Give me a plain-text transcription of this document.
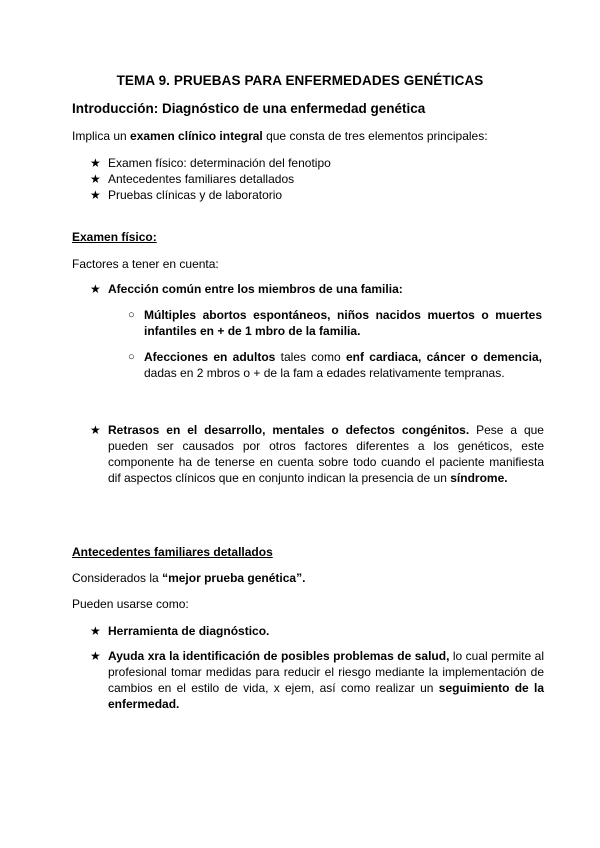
TEMA 9. PRUEBAS PARA ENFERMEDADES GENÉTICAS
Introducción: Diagnóstico de una enfermedad genética
Implica un examen clínico integral que consta de tres elementos principales:
★ Examen físico: determinación del fenotipo
★ Antecedentes familiares detallados
★ Pruebas clínicas y de laboratorio
Examen físico:
Factores a tener en cuenta:
★ Afección común entre los miembros de una familia:
○ Múltiples abortos espontáneos, niños nacidos muertos o muertes infantiles en + de 1 mbro de la familia.
○ Afecciones en adultos tales como enf cardiaca, cáncer o demencia, dadas en 2 mbros o + de la fam a edades relativamente tempranas.
★ Retrasos en el desarrollo, mentales o defectos congénitos. Pese a que pueden ser causados por otros factores diferentes a los genéticos, este componente ha de tenerse en cuenta sobre todo cuando el paciente manifiesta dif aspectos clínicos que en conjunto indican la presencia de un síndrome.
Antecedentes familiares detallados
Considerados la “mejor prueba genética”.
Pueden usarse como:
★ Herramienta de diagnóstico.
★ Ayuda xra la identificación de posibles problemas de salud, lo cual permite al profesional tomar medidas para reducir el riesgo mediante la implementación de cambios en el estilo de vida, x ejem, así como realizar un seguimiento de la enfermedad.
